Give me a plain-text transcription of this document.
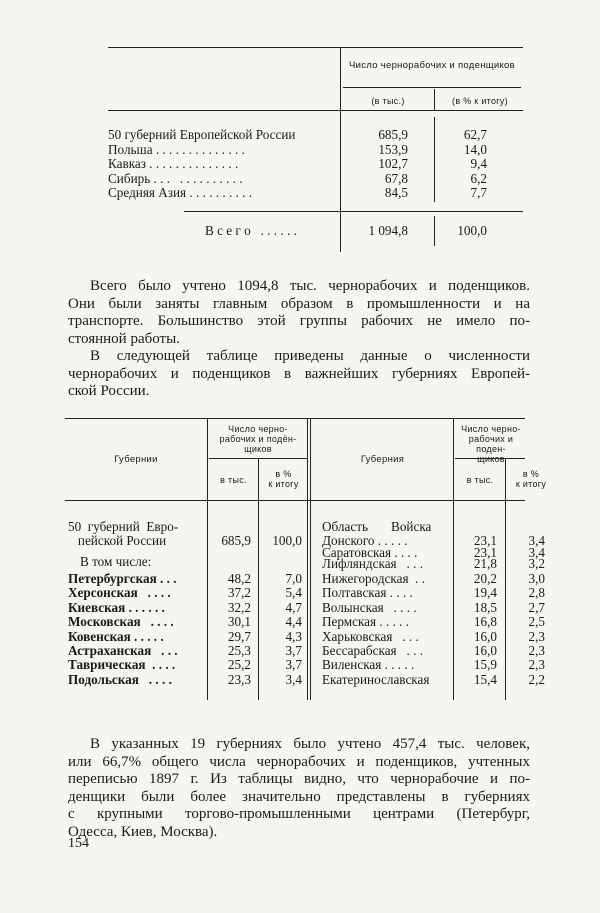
Число чернорабочих и поденщиков
(в тыс.)	(в % к итогу)
50 губерний Европейской России	685,9	62,7
Польша . . . . . . . . . . . . . .	153,9	14,0
Кавказ . . . . . . . . . . . . . .	102,7	9,4
Сибирь . . .   . . . . . . . . . .	67,8	6,2
Средняя Азия . . . . . . . . . .	84,5	7,7
В с е г о   . . . . . .	1 094,8	100,0
Всего было учтено 1094,8 тыс. чернорабочих и поденщиков.
Они были заняты главным образом в промышленности и на
транспорте. Большинство этой группы рабочих не имело по-
стоянной работы.
В следующей таблице приведены данные о численности
чернорабочих и поденщиков в важнейших губерниях Европей-
ской России.
Губернии	Губерния
Число черно- рабочих и подён- щиков
Число черно-
рабочих и поден-
щиков
в тыс.
в %
к итогу	в тыс.
в %
к итогу
50  губерний  Евро-
пейской России	685,9	100,0
В том числе:
Петербургская . . .	48,2	7,0
Херсонская   . . . .	37,2	5,4
Киевская . . . . . .	32,2	4,7
Московская   . . . .	30,1	4,4
Ковенская . . . . .	29,7	4,3
Астраханская   . . .	25,3	3,7
Таврическая  . . . .	25,2	3,7
Подольская   . . . .	23,3	3,4
Область       Войска
Донского . . . . .	23,1	3,4
Саратовская . . . .	23,1	3,4
Лифляндская   . . .	21,8	3,2
Нижегородская  . .	20,2	3,0
Полтавская . . . .	19,4	2,8
Волынская   . . . .	18,5	2,7
Пермская . . . . .	16,8	2,5
Харьковская   . . .	16,0	2,3
Бессарабская   . . .	16,0	2,3
Виленская . . . . .	15,9	2,3
Екатеринославская	15,4	2,2
В указанных 19 губерниях было учтено 457,4 тыс. человек,
или 66,7% общего числа чернорабочих и поденщиков, учтенных
переписью 1897 г. Из таблицы видно, что чернорабочие и по-
денщики были более значительно представлены в губерниях
с крупными торгово-промышленными центрами (Петербург,
Одесса, Киев, Москва).
154
